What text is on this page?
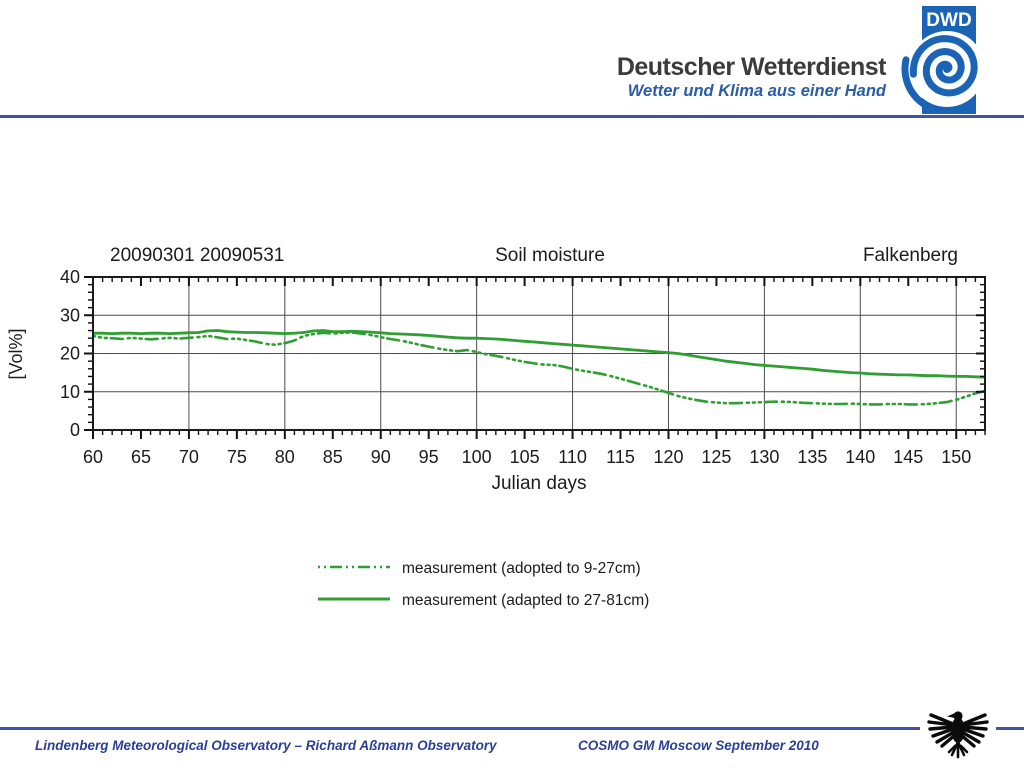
Deutscher Wetterdienst
Wetter und Klima aus einer Hand
DWD
20090301 20090531	Soil moisture	Falkenberg
60 65 70 75 80 85 90 95 100 105 110 115 120 125 130 135 140 145 150
0
10
20
30
40
[Vol%]
Julian days
measurement (adopted to 9-27cm)
measurement (adapted to 27-81cm)
Lindenberg Meteorological Observatory – Richard Aßmann Observatory	COSMO GM Moscow September 2010
